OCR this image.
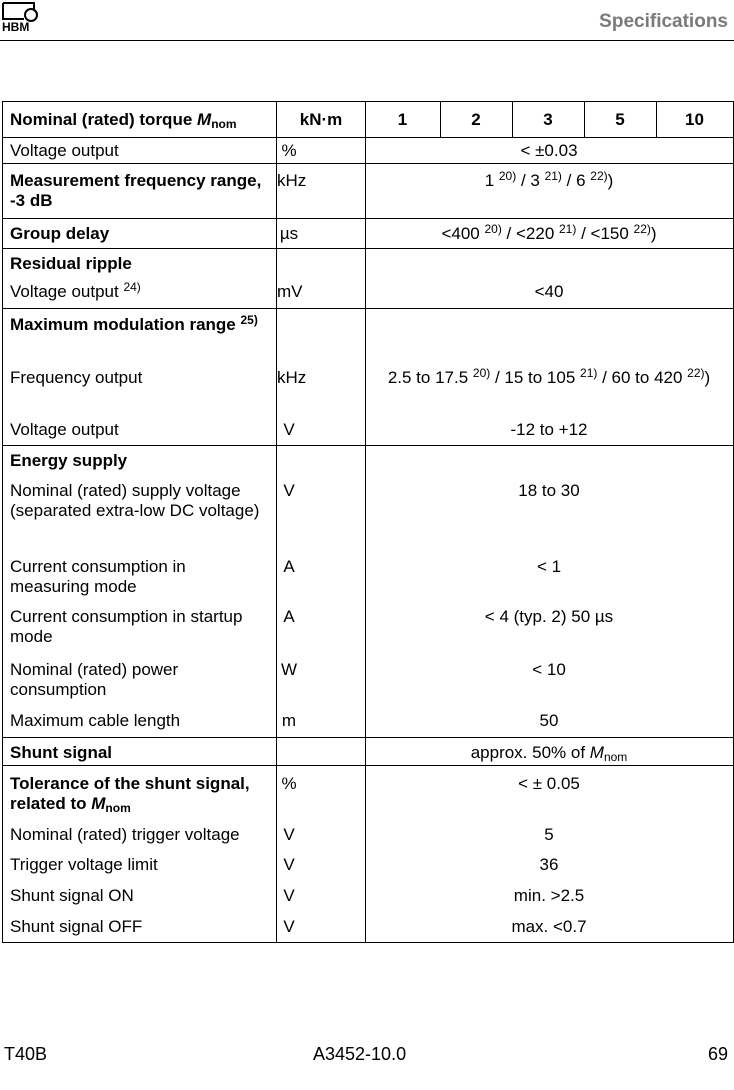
HBM	Specifications
Nominal (rated) torque $M_{nom}$	kN·m	1	2	3	5	10
Voltage output	%	< ±0.03				
Measurement frequency range, -3 dB	kHz	1 $^{20)}$ / 3 $^{21)}$ / 6 $^{22)}$)				
Group delay	µs	<400 $^{20)}$ / <220 $^{21)}$ / <150 $^{22)}$)				
Residual ripple						
Voltage output $^{24)}$	mV	<40				
Maximum modulation range $^{25)}$		
Frequency output	kHz	2.5 to 17.5 $^{20)}$ / 15 to 105 $^{21)}$ / 60 to 420 $^{22)}$)				
Voltage output	V	-12 to +12				
Energy supply						
Nominal (rated) supply voltage (separated extra-low DC voltage)	V	18 to 30				
Current consumption in measuring mode	A	< 1				
Current consumption in startup mode	A	< 4 (typ. 2) 50 µs				
Nominal (rated) power consumption	W	< 10				
Maximum cable length	m	50				
Shunt signal		approx. 50% of $M_{nom}$
Tolerance of the shunt signal, related to $M_{nom}$	%	< ± 0.05				
Nominal (rated) trigger voltage	V	5				
Trigger voltage limit	V	36				
Shunt signal ON	V	min. >2.5				
Shunt signal OFF	V	max. <0.7				
T40B	A3452-10.0	69
